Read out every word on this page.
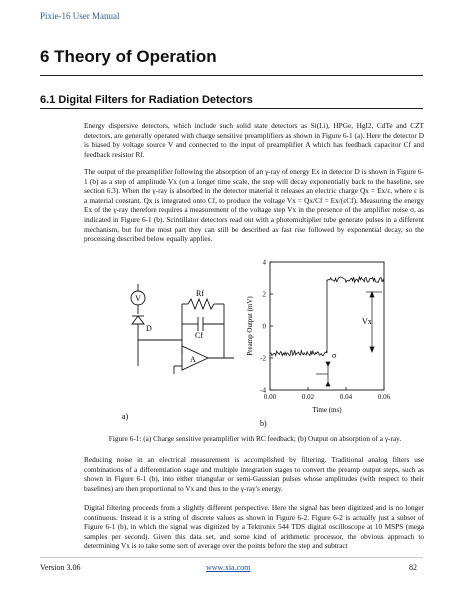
Pixie-16 User Manual
6 Theory of Operation
6.1 Digital Filters for Radiation Detectors

Energy dispersive detectors, which include such solid state detectors as Si(Li), HPGe, HgI2, CdTe and CZT detectors, are generally operated with charge sensitive preamplifiers as shown in Figure 6-1 (a). Here the detector D is biased by voltage source V and connected to the input of preamplifier A which has feedback capacitor Cf and feedback resistor Rf.

The output of the preamplifier following the absorption of an γ-ray of energy Ex in detector D is shown in Figure 6-1 (b) as a step of amplitude Vx (on a longer time scale, the step will decay exponentially back to the baseline, see section 6.3). When the γ-ray is absorbed in the detector material it releases an electric charge Qx = Ex/ε, where ε is a material constant. Qx is integrated onto Cf, to produce the voltage Vx = Qx/Cf = Ex/(εCf). Measuring the energy Ex of the γ-ray therefore requires a measurement of the voltage step Vx in the presence of the amplifier noise σ, as indicated in Figure 6-1 (b). Scintillator detectors read out with a photomultiplier tube generate pulses in a different mechanism, but for the most part they can still be described as fast rise followed by exponential decay, so the processing described below equally applies.

V
D
Rf
Cf
A
a)
4
2
0
-2
-4
0.00	0.02	0.04	0.06
σ
Vx
Preamp Output (mV)
Time (ms)
b)
Figure 6-1: (a) Charge sensitive preamplifier with RC feedback; (b) Output on absorption of a γ-ray.

Reducing noise in an electrical measurement is accomplished by filtering. Traditional analog filters use combinations of a differentiation stage and multiple integration stages to convert the preamp output steps, such as shown in Figure 6-1 (b), into either triangular or semi-Gaussian pulses whose amplitudes (with respect to their baselines) are then proportional to Vx and thus to the γ-ray's energy.

Digital filtering proceeds from a slightly different perspective. Here the signal has been digitized and is no longer continuous. Instead it is a string of discrete values as shown in Figure 6-2. Figure 6-2 is actually just a subset of Figure 6-1 (b), in which the signal was digitized by a Tektronix 544 TDS digital oscilloscope at 10 MSPS (mega samples per second). Given this data set, and some kind of arithmetic processor, the obvious approach to determining Vx is to take some sort of average over the points before the step and subtract

Version 3.06	www.xia.com	82
